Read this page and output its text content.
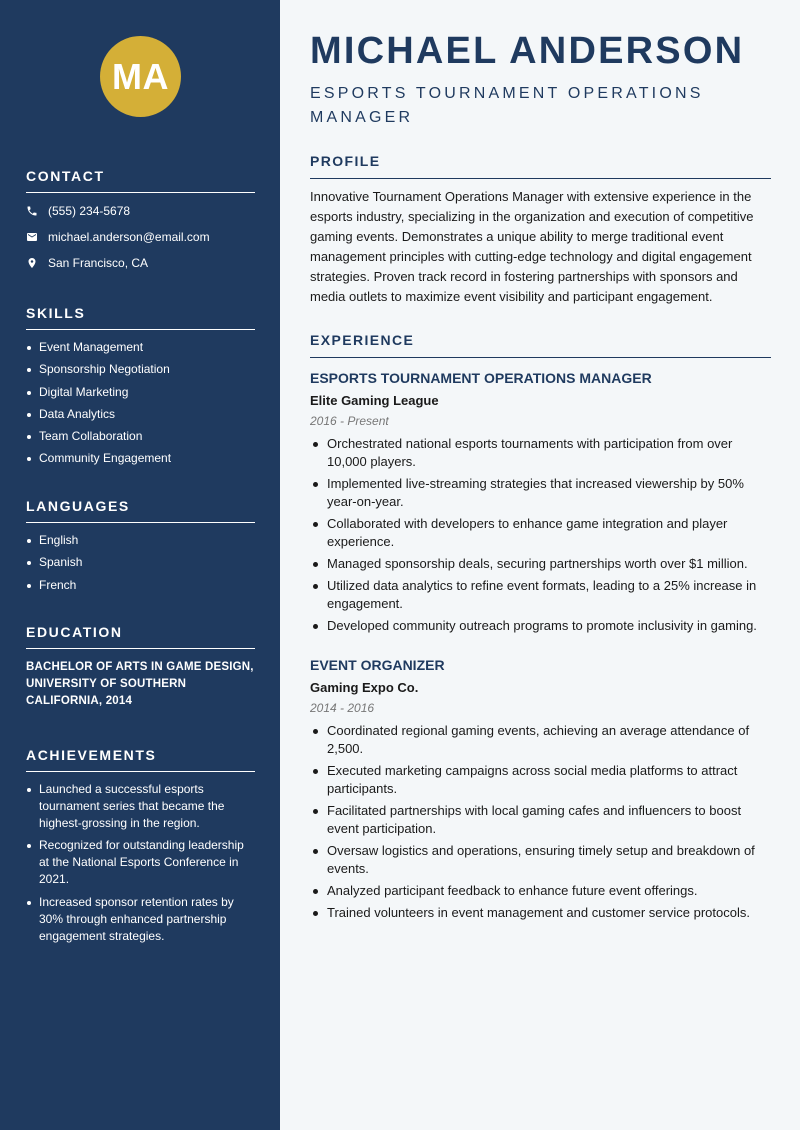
MA
CONTACT
(555) 234-5678
michael.anderson@email.com
San Francisco, CA
SKILLS
Event Management
Sponsorship Negotiation
Digital Marketing
Data Analytics
Team Collaboration
Community Engagement
LANGUAGES
English
Spanish
French
EDUCATION
BACHELOR OF ARTS IN GAME DESIGN, UNIVERSITY OF SOUTHERN CALIFORNIA, 2014
ACHIEVEMENTS
Launched a successful esports tournament series that became the highest-grossing in the region.
Recognized for outstanding leadership at the National Esports Conference in 2021.
Increased sponsor retention rates by 30% through enhanced partnership engagement strategies.
MICHAEL ANDERSON
ESPORTS TOURNAMENT OPERATIONS MANAGER
PROFILE

Innovative Tournament Operations Manager with extensive experience in the esports industry, specializing in the organization and execution of competitive gaming events. Demonstrates a unique ability to merge traditional event management principles with cutting-edge technology and digital engagement strategies. Proven track record in fostering partnerships with sponsors and media outlets to maximize event visibility and participant engagement.

EXPERIENCE
ESPORTS TOURNAMENT OPERATIONS MANAGER
Elite Gaming League
2016 - Present
Orchestrated national esports tournaments with participation from over 10,000 players.
Implemented live-streaming strategies that increased viewership by 50% year-on-year.
Collaborated with developers to enhance game integration and player experience.
Managed sponsorship deals, securing partnerships worth over $1 million.
Utilized data analytics to refine event formats, leading to a 25% increase in engagement.
Developed community outreach programs to promote inclusivity in gaming.
EVENT ORGANIZER
Gaming Expo Co.
2014 - 2016
Coordinated regional gaming events, achieving an average attendance of 2,500.
Executed marketing campaigns across social media platforms to attract participants.
Facilitated partnerships with local gaming cafes and influencers to boost event participation.
Oversaw logistics and operations, ensuring timely setup and breakdown of events.
Analyzed participant feedback to enhance future event offerings.
Trained volunteers in event management and customer service protocols.
